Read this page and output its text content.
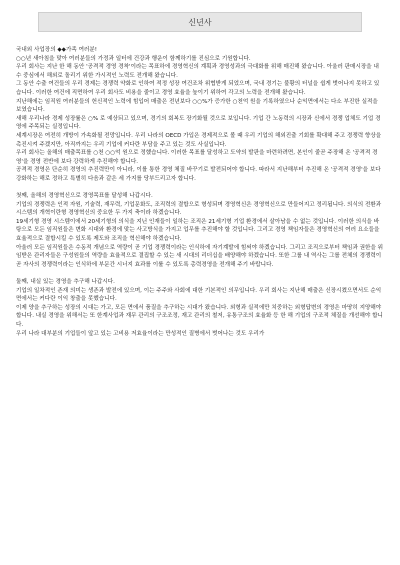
신년사

국내외 사업장의 ◆◆가족 여러분!

○○년 새아침을 맞아 여러분들의 가정과 일터에 건강과 행운이 함께하기를 진심으로 기원합니다.

우리 회사는 지난 한 해 동안 '공격적 경영 경착'이라는 목표하에 경영혁신의 계획과 경영성과의 극대화를 위해 매진해 왔습니다. 아울러 판매시장을 내수 중심에서 해외로 돌리기 위한 가시적인 노력도 전개해 왔습니다.

그 동안 수출 여건들의 우리 경제는 경쟁력 약화로 인하여 적정 성장 여건조차 위협받게 되었으며, 국내 경기는 불황의 터널을 쉽게 벗어나지 못하고 있습니다. 이러한 여건에 직면하여 우리 회사도 비용을 줄이고 경영 효율을 높이기 위하여 각고의 노력을 전개해 왔습니다.

지난해에는 임직원 여러분들의 헌신적인 노력에 힘입어 매출은 전년보다 ○○%가 증가한 ○천억 원을 기록하였으나 순익면에서는 다소 부진한 실적을 보였습니다.

새해 우리나라 경제 성장률은 ○% 로 예상되고 있으며, 경기의 회복도 장기화될 것으로 보입니다. 기업 간 노동력의 시장과 신에서 경쟁 업체도 기업 경영에 주목되는 실정입니다.

세계시장은 여전히 개방이 가속화될 전망입니다. 우리 나라의 OECD 가입은 경제적으로 볼 때 우리 기업의 해외진출 기회를 확대해 주고 경쟁력 향상을 촉진시켜 주겠지만, 아직까지는 우리 기업에 커다란 부담을 주고 있는 것도 사실입니다.

우리 회사는 올해의 매출목표를 ○천 ○○억 원으로 정했습니다. 이러한 목표를 달성하고 도약의 발판을 마련하려면, 본인이 줄곧 주장해 온 '공격적 경영'을 경영 전반에 보다 강력하게 추진해야 합니다.

공격적 경영은 단순히 경영의 추진력만이 아니라, 이를 통한 경영 체질 바꾸기로 발전되어야 합니다. 따라서 지난해부터 추진해 온 '공격적 경영'을 보다 강화하는 해로 정하고 특별히 다음과 같은 세 가지를 당부드리고자 합니다.

첫째, 올해의 경영혁신으로 경영목표를 달성해 나갑시다.

기업의 경쟁력은 인적 자원, 기술력, 재무력, 기업문화도, 조직력의 결합으로 형성되며 경영혁신은 경영혁신으로 만들어지고 정리됩니다. 의식의 전환과 시스템의 개혁이란형 경영혁신의 중요한 두 가지 축이라 하겠습니다.

19세기형 경영 시스템이에서 20세기형의 의식을 지닌 인재들이 일하는 조직은 21세기형 기업 환경에서 살아남을 수 없는 것입니다. 이러한 의식을 바탕으로 모든 임직원들은 변화 시대와 환경에 맞는 사고방식을 가지고 업무를 추진해야 할 것입니다. 그리고 경영 책임자들은 경영혁신의 여러 요소들을 효율적으로 결합시킬 수 있도록 제도와 조직을 혁신해야 하겠습니다.

아울러 모든 임직원들은 수동적 개념으로 역량이 곧 기업 경쟁력이라는 인식하에 자기계발에 힘써야 하겠습니다. 그리고 조직으로부터 책임과 권한을 위임받은 관리자들은 구성원들의 역량을 효율적으로 결집할 수 있는 새 시대의 리더십을 배양해야 하겠습니다. 또한 그룹 내 역사는 그룹 전체의 경쟁력이 곧 자사의 경쟁력이라는 인식하에 부문간 시너지 효과를 이룰 수 있도록 총력경영을 전개해 주기 바랍니다.

둘째, 내실 있는 경영을 추구해 나갑시다.

기업의 일차적인 존재 의미는 생존과 발전에 있으며, 이는 주주와 사회에 대한 기본적인 의무입니다. 우리 회사는 지난해 매출은 신장시켰으면서도 순익면에서는 커다란 이익 창출을 못했습니다.

이제 양을 추구하는 성장의 시대는 가고, 모든 면에서 품질을 추구하는 시대가 왔습니다. 외형과 실적에만 치중하는 외형답변의 경영은 마땅히 지양해야 합니다. 내실 경영을 위해서는 또 한계사업과 재무 관리의 구조조정, 재고 관리의 철저, 유통구조의 효율화 등 한 해 기업의 구조적 체질을 개선해야 합니다.

우리 나라 대부분의 기업들이 앞고 있는 고비용 저효율이라는 만성적인 질병에서 벗어나는 것도 우리가
